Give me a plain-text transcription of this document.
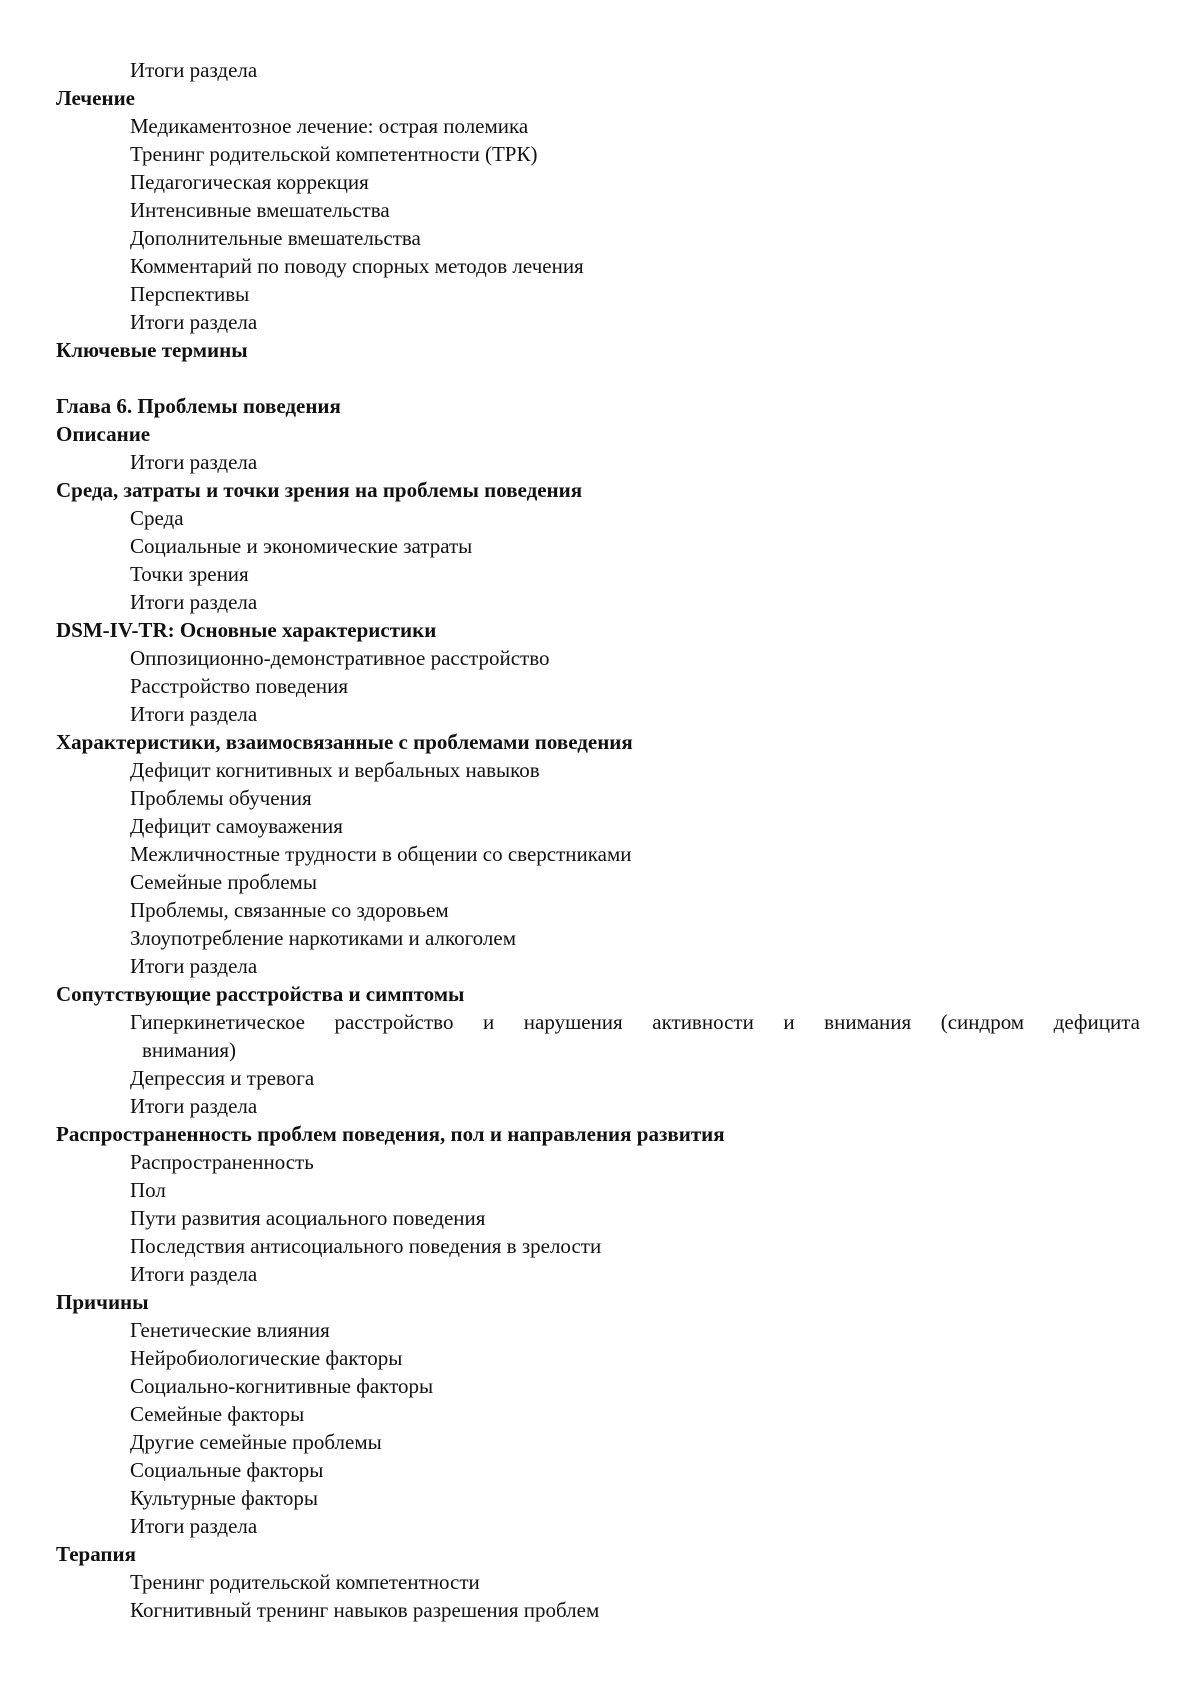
Итоги раздела
Лечение
Медикаментозное лечение: острая полемика
Тренинг родительской компетентности (ТРК)
Педагогическая коррекция
Интенсивные вмешательства
Дополнительные вмешательства
Комментарий по поводу спорных методов лечения
Перспективы
Итоги раздела
Ключевые термины
Глава 6. Проблемы поведения
Описание
Итоги раздела
Среда, затраты и точки зрения на проблемы поведения
Среда
Социальные и экономические затраты
Точки зрения
Итоги раздела
DSM-IV-TR: Основные характеристики
Оппозиционно-демонстративное расстройство
Расстройство поведения
Итоги раздела
Характеристики, взаимосвязанные с проблемами поведения
Дефицит когнитивных и вербальных навыков
Проблемы обучения
Дефицит самоуважения
Межличностные трудности в общении со сверстниками
Семейные проблемы
Проблемы, связанные со здоровьем
Злоупотребление наркотиками и алкоголем
Итоги раздела
Сопутствующие расстройства и симптомы
Гиперкинетическое расстройство и нарушения активности и внимания (синдром дефицита
внимания)
Депрессия и тревога
Итоги раздела
Распространенность проблем поведения, пол и направления развития
Распространенность
Пол
Пути развития асоциального поведения
Последствия антисоциального поведения в зрелости
Итоги раздела
Причины
Генетические влияния
Нейробиологические факторы
Социально-когнитивные факторы
Семейные факторы
Другие семейные проблемы
Социальные факторы
Культурные факторы
Итоги раздела
Терапия
Тренинг родительской компетентности
Когнитивный тренинг навыков разрешения проблем
